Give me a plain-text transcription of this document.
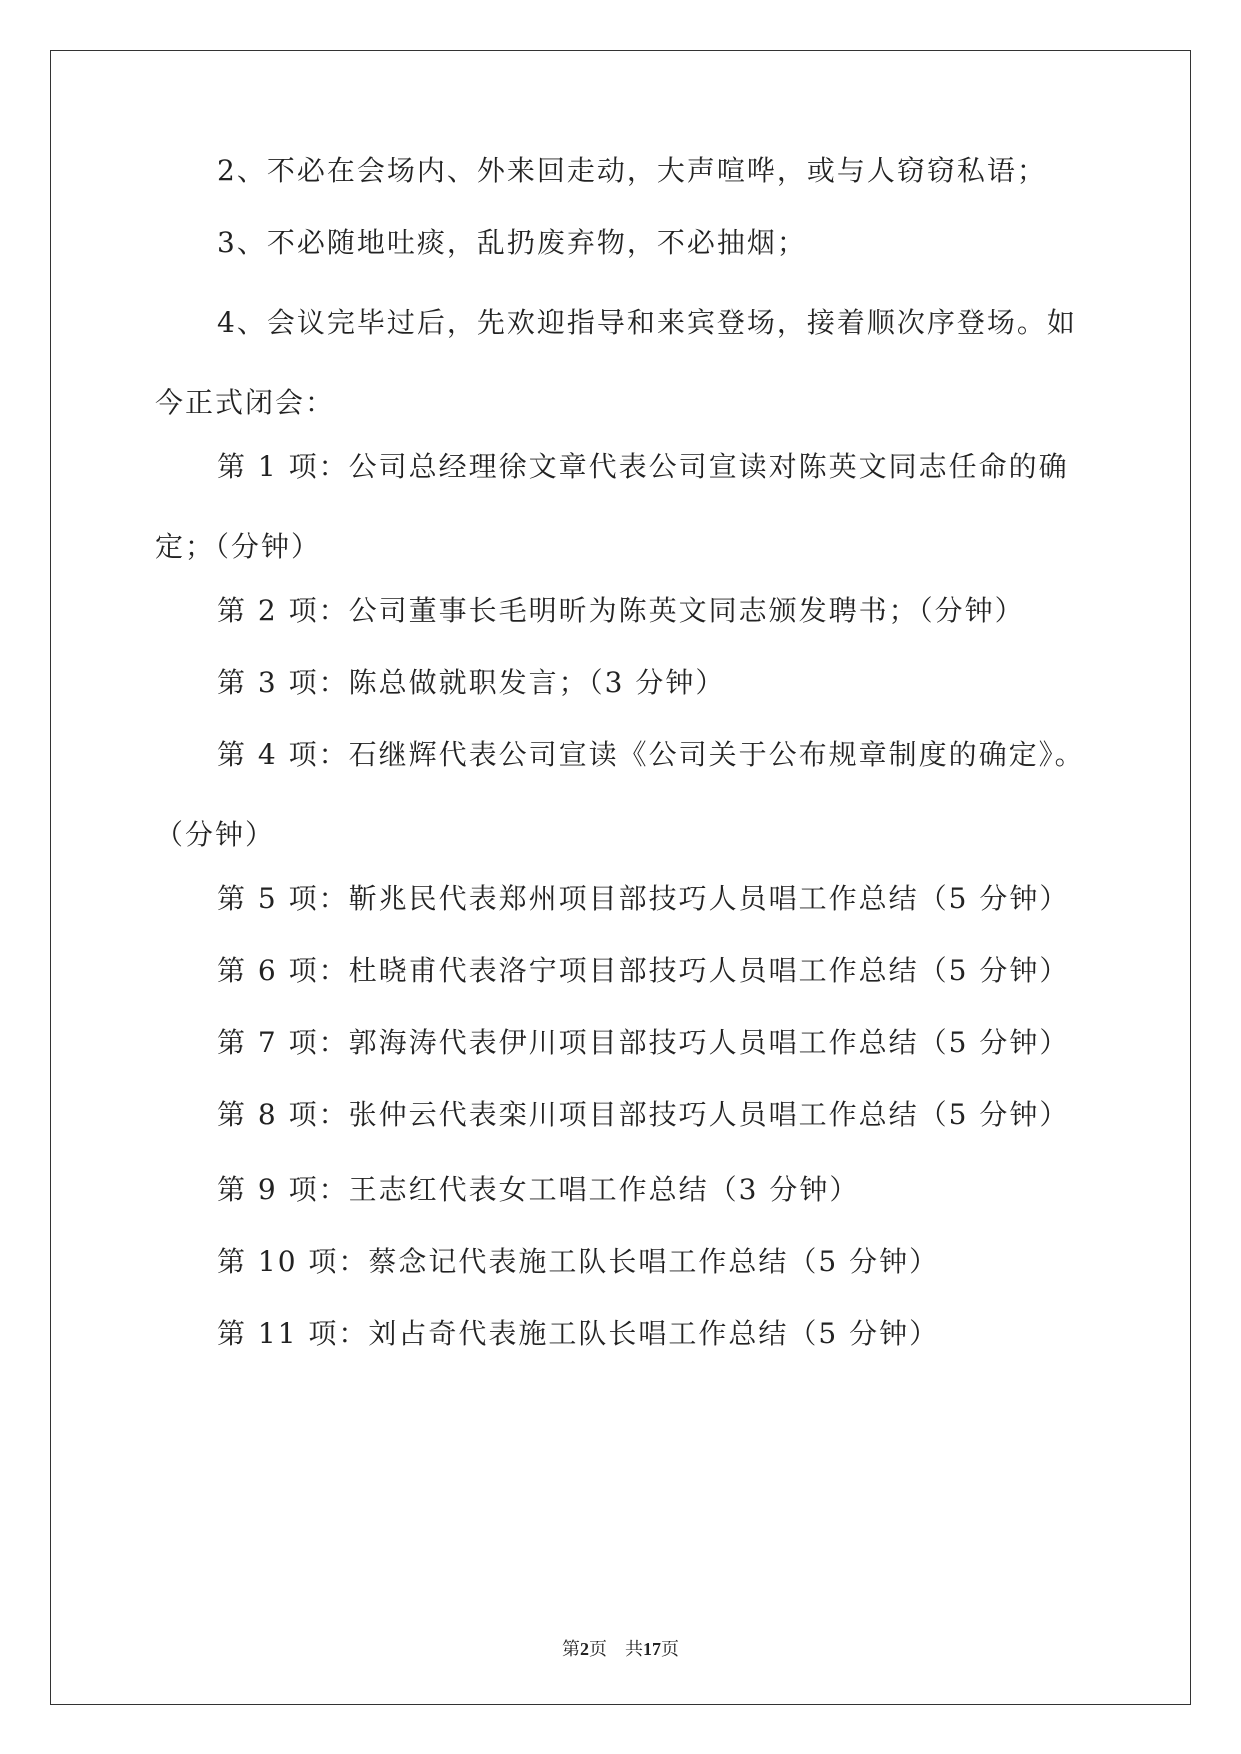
2、不必在会场内、外来回走动，大声喧哗，或与人窃窃私语；

3、不必随地吐痰，乱扔废弃物，不必抽烟；

4、会议完毕过后，先欢迎指导和来宾登场，接着顺次序登场。如今正式闭会：

第 1 项：公司总经理徐文章代表公司宣读对陈英文同志任命的确定；（分钟）

第 2 项：公司董事长毛明昕为陈英文同志颁发聘书；（分钟）

第 3 项：陈总做就职发言；（3 分钟）

第 4 项：石继辉代表公司宣读《公司关于公布规章制度的确定》。（分钟）

第 5 项：靳兆民代表郑州项目部技巧人员唱工作总结（5 分钟）

第 6 项：杜晓甫代表洛宁项目部技巧人员唱工作总结（5 分钟）

第 7 项：郭海涛代表伊川项目部技巧人员唱工作总结（5 分钟）

第 8 项：张仲云代表栾川项目部技巧人员唱工作总结（5 分钟）

第 9 项：王志红代表女工唱工作总结（3 分钟）

第 10 项：蔡念记代表施工队长唱工作总结（5 分钟）

第 11 项：刘占奇代表施工队长唱工作总结（5 分钟）

第2页　共17页
